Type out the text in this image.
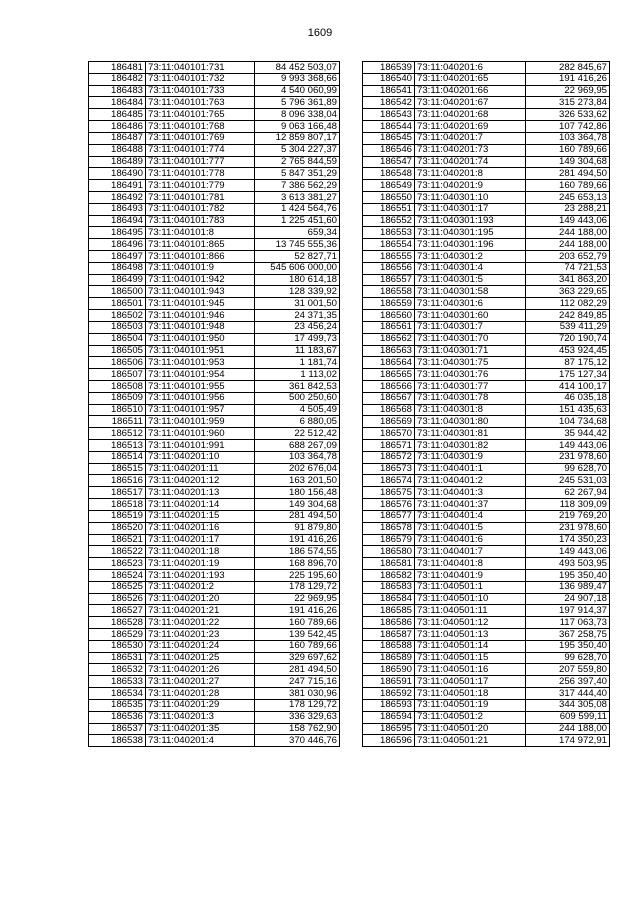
1609
186481	73:11:040101:731	84 452 503,07
186482	73:11:040101:732	9 993 368,66
186483	73:11:040101:733	4 540 060,99
186484	73:11:040101:763	5 796 361,89
186485	73:11:040101:765	8 096 338,04
186486	73:11:040101:768	9 063 166,48
186487	73:11:040101:769	12 859 807,17
186488	73:11:040101:774	5 304 227,37
186489	73:11:040101:777	2 765 844,59
186490	73:11:040101:778	5 847 351,29
186491	73:11:040101:779	7 386 562,29
186492	73:11:040101:781	3 613 381,27
186493	73:11:040101:782	1 424 564,76
186494	73:11:040101:783	1 225 451,60
186495	73:11:040101:8	659,34
186496	73:11:040101:865	13 745 555,36
186497	73:11:040101:866	52 827,71
186498	73:11:040101:9	545 606 000,00
186499	73:11:040101:942	180 614,18
186500	73:11:040101:943	128 339,92
186501	73:11:040101:945	31 001,50
186502	73:11:040101:946	24 371,35
186503	73:11:040101:948	23 456,24
186504	73:11:040101:950	17 499,73
186505	73:11:040101:951	11 183,67
186506	73:11:040101:953	1 181,74
186507	73:11:040101:954	1 113,02
186508	73:11:040101:955	361 842,53
186509	73:11:040101:956	500 250,60
186510	73:11:040101:957	4 505,49
186511	73:11:040101:959	6 880,05
186512	73:11:040101:960	22 512,42
186513	73:11:040101:991	688 267,09
186514	73:11:040201:10	103 364,78
186515	73:11:040201:11	202 676,04
186516	73:11:040201:12	163 201,50
186517	73:11:040201:13	180 156,48
186518	73:11:040201:14	149 304,68
186519	73:11:040201:15	281 494,50
186520	73:11:040201:16	91 879,80
186521	73:11:040201:17	191 416,26
186522	73:11:040201:18	186 574,55
186523	73:11:040201:19	168 896,70
186524	73:11:040201:193	225 195,60
186525	73:11:040201:2	178 129,72
186526	73:11:040201:20	22 969,95
186527	73:11:040201:21	191 416,26
186528	73:11:040201:22	160 789,66
186529	73:11:040201:23	139 542,45
186530	73:11:040201:24	160 789,66
186531	73:11:040201:25	329 697,62
186532	73:11:040201:26	281 494,50
186533	73:11:040201:27	247 715,16
186534	73:11:040201:28	381 030,96
186535	73:11:040201:29	178 129,72
186536	73:11:040201:3	336 329,63
186537	73:11:040201:35	158 762,90
186538	73:11:040201:4	370 446,76
186539	73:11:040201:6	282 845,67
186540	73:11:040201:65	191 416,26
186541	73:11:040201:66	22 969,95
186542	73:11:040201:67	315 273,84
186543	73:11:040201:68	326 533,62
186544	73:11:040201:69	107 742,86
186545	73:11:040201:7	103 364,78
186546	73:11:040201:73	160 789,66
186547	73:11:040201:74	149 304,68
186548	73:11:040201:8	281 494,50
186549	73:11:040201:9	160 789,66
186550	73:11:040301:10	245 653,13
186551	73:11:040301:17	23 288,21
186552	73:11:040301:193	149 443,06
186553	73:11:040301:195	244 188,00
186554	73:11:040301:196	244 188,00
186555	73:11:040301:2	203 652,79
186556	73:11:040301:4	74 721,53
186557	73:11:040301:5	341 863,20
186558	73:11:040301:58	363 229,65
186559	73:11:040301:6	112 082,29
186560	73:11:040301:60	242 849,85
186561	73:11:040301:7	539 411,29
186562	73:11:040301:70	720 190,74
186563	73:11:040301:71	453 924,45
186564	73:11:040301:75	87 175,12
186565	73:11:040301:76	175 127,34
186566	73:11:040301:77	414 100,17
186567	73:11:040301:78	46 035,18
186568	73:11:040301:8	151 435,63
186569	73:11:040301:80	104 734,68
186570	73:11:040301:81	35 944,42
186571	73:11:040301:82	149 443,06
186572	73:11:040301:9	231 978,60
186573	73:11:040401:1	99 628,70
186574	73:11:040401:2	245 531,03
186575	73:11:040401:3	62 267,94
186576	73:11:040401:37	118 309,09
186577	73:11:040401:4	219 769,20
186578	73:11:040401:5	231 978,60
186579	73:11:040401:6	174 350,23
186580	73:11:040401:7	149 443,06
186581	73:11:040401:8	493 503,95
186582	73:11:040401:9	195 350,40
186583	73:11:040501:1	136 989,47
186584	73:11:040501:10	24 907,18
186585	73:11:040501:11	197 914,37
186586	73:11:040501:12	117 063,73
186587	73:11:040501:13	367 258,75
186588	73:11:040501:14	195 350,40
186589	73:11:040501:15	99 628,70
186590	73:11:040501:16	207 559,80
186591	73:11:040501:17	256 397,40
186592	73:11:040501:18	317 444,40
186593	73:11:040501:19	344 305,08
186594	73:11:040501:2	609 599,11
186595	73:11:040501:20	244 188,00
186596	73:11:040501:21	174 972,91
